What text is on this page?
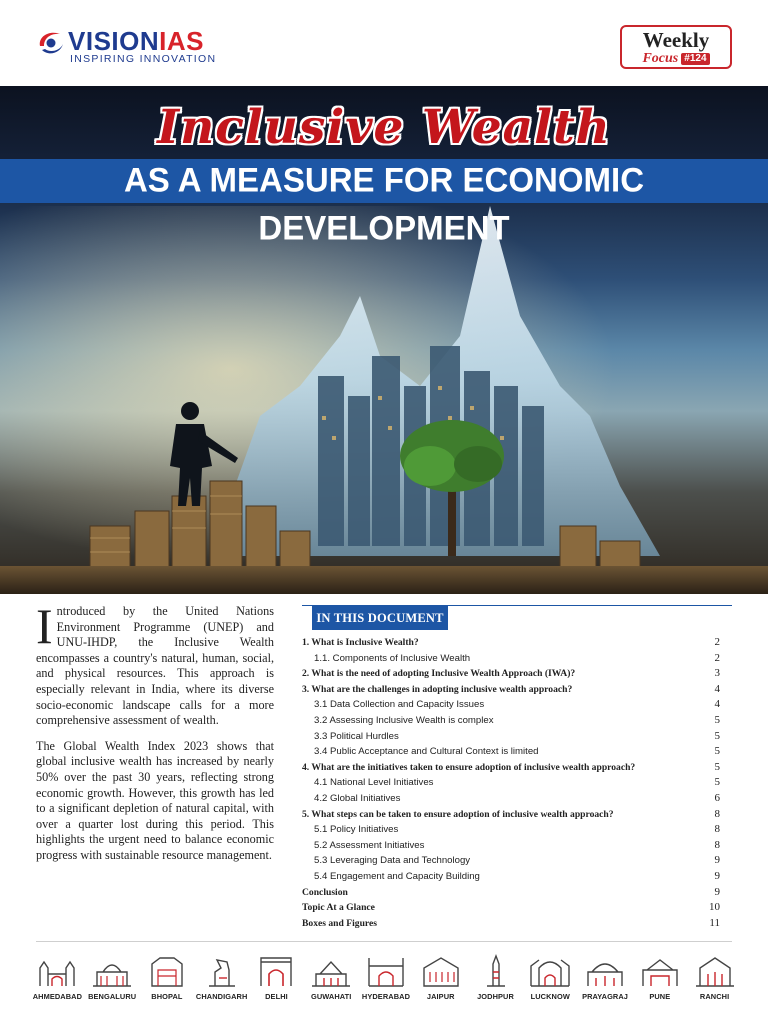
VISIONIAS
INSPIRING INNOVATION
Weekly
Focus #124
Inclusive Wealth
AS A MEASURE FOR ECONOMIC DEVELOPMENT

Introduced by the United Nations Environment Programme (UNEP) and UNU-IHDP, the Inclusive Wealth encompasses a country's natural, human, social, and physical resources. This approach is especially relevant in India, where its diverse socio-economic landscape calls for a more comprehensive assessment of wealth.

The Global Wealth Index 2023 shows that global inclusive wealth has increased by nearly 50% over the past 30 years, reflecting strong economic growth. However, this growth has led to a significant depletion of natural capital, with over a quarter lost during this period. This highlights the urgent need to balance economic progress with sustainable resource management.

IN THIS DOCUMENT
1. What is Inclusive Wealth?	2
1.1. Components of Inclusive Wealth	2
2. What is the need of adopting Inclusive Wealth Approach (IWA)?	3
3. What are the challenges in adopting inclusive wealth approach?	4
3.1 Data Collection and Capacity Issues	4
3.2 Assessing Inclusive Wealth is complex	5
3.3 Political Hurdles	5
3.4 Public Acceptance and Cultural Context is limited	5
4. What are the initiatives taken to ensure adoption of inclusive wealth approach?	5
4.1 National Level Initiatives	5
4.2 Global Initiatives	6
5. What steps can be taken to ensure adoption of inclusive wealth approach?	8
5.1 Policy Initiatives	8
5.2 Assessment Initiatives	8
5.3 Leveraging Data and Technology	9
5.4 Engagement and Capacity Building	9
Conclusion	9
Topic At a Glance	10
Boxes and Figures	11
AHMEDABAD BENGALURU BHOPAL CHANDIGARH DELHI	GUWAHATI HYDERABAD JAIPUR	JODHPUR LUCKNOW PRAYAGRAJ	PUNE	RANCHI
